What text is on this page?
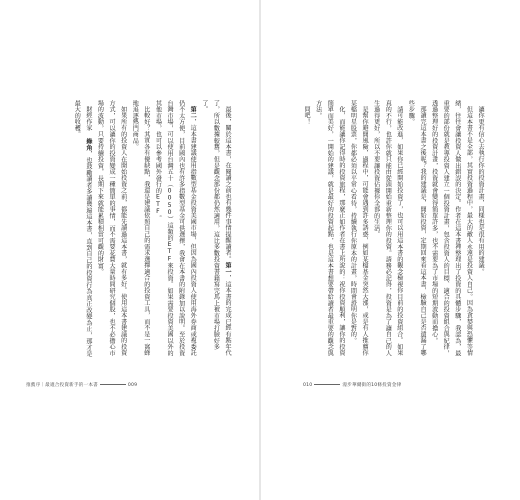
最後，關於這本書，在閱讀之前也有幾件事情提醒讀者。第一，這本書的完成已經有點年代了，所以數據較舊，但是觀念部份都仍然適用，這比多數投資書籍寫完馬上被市場打臉好多了。

第二，這本書建議使用指數型基金投資美國市場，但因為國內投資人使用海外券商或複委託仍不太方便，目前國內也有許多指數型基金可供選擇，我會在本書的附錄加以說明。至於投資台灣市場，可以使用台灣五十（0050）這類的ETF來投資。如果需要投資美國以外的其他市場，也可以參考國外發行的ETF。

比較好？其實各有優缺點，我還是建議依照自己的需求選擇適合的投資工具，而不是一窩蜂地追逐熱門商品。

如果所有的投資人在開始投資之前，都能先讀過這本書，就有多好。使用這本書建議的投資方式，可以讓你的投資變成一種簡單的事情，而不需要花費大量時間研究個股，也不必擔心市場的波動，只要持續投資，長期下來就能累積相當可觀的財富。

財經作家 綠角，也鼓勵讀者多讀幾遍這本書，直到自己的投資行為真正改變為止，那才是最大的收穫。

推薦序｜最適合投資新手的一本書	009

讓你更有信心去執行你的投資計畫，同樣也是很有用的建議。

但這本書不是全部，其實投資過程中，最大的敵人永遠是投資人自己。因為貪婪與恐懼等情緒，往往會讓投資人做出錯誤的決定。作者在這本書裡整理出了投資的具體步驟，我認為，最重要的部份就是教導投資人建立一個投資計畫，包含投資人的目標、適合的投資組合與紀律，透過整理好的投資計畫，投資就會變得簡單許多，也不需要為了市場的短期波動而擔心。

那讀完這本書之後呢？我的建議是，開始投資，定期回來看這本書，檢驗自己是否遺漏了哪些步驟。

請可能改進，如果你已經開始投資了，也可以用這本書的觀念檢視你目前的投資組合。如果真的不行，也許你就只能由從頭開始重新整理你的投資。請務必記得，投資是為了讓自己的人生過得更好，所以不要讓投資佔據你全部的生活。

是幫你避開風險，過程中，可能會遇到許多誘惑，例如某檔基金突然大漲，或是有人推薦你某檔明星股票，你都必須以平常心看待，持續執行你原本的計畫，時間會證明你是對的。

化，而能讓你記得時的投資旅程，那麼正如作者在書上所說的：祝你投資順利，讓你的投資簡單而美好，一開始的建議，就是最好的投資起點，也是這本書想要帶給讀者最重要的觀念與方法。

問吧！

010	漫步華爾街的10條投資金律
